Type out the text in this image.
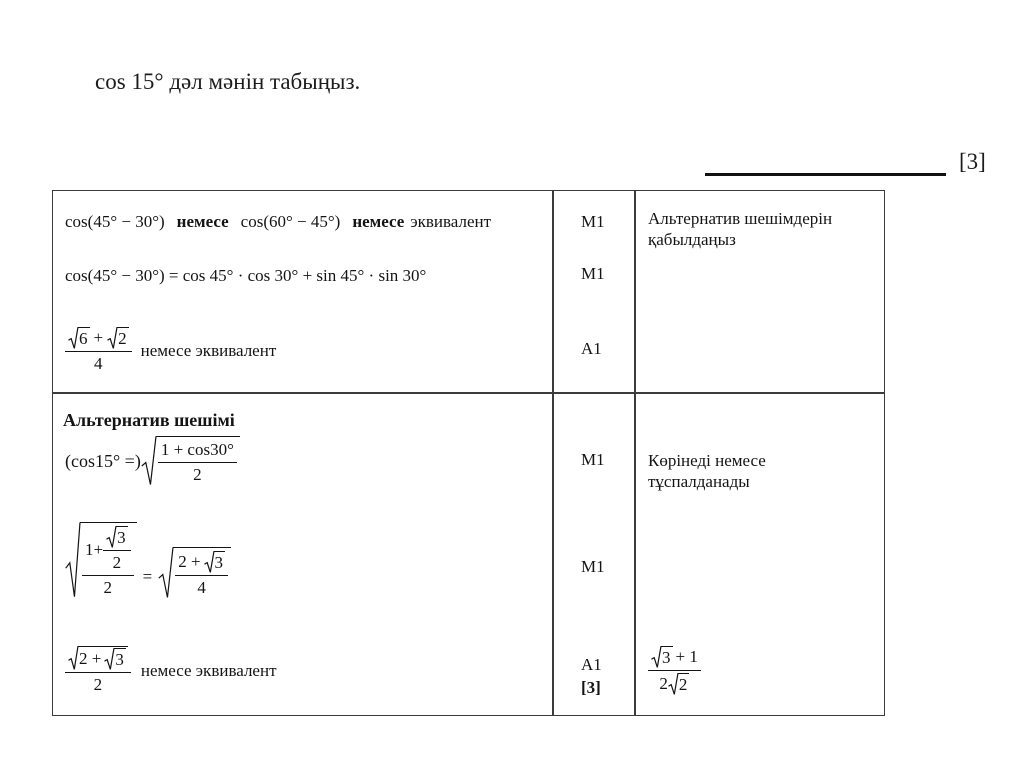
cos 15° дәл мәнін табыңыз.
[3]
cos(45° − 30°) немесе cos(60° − 45°) немесе эквивалент
cos(45° − 30°) = cos 45° · cos 30° + sin 45° · sin 30°
$\frac{6 + 2}{4}$ немесе эквивалент
M1
M1
A1
Альтернатив шешімдерін қабылдаңыз
Альтернатив шешімі
(cos15° =) $\frac{1 + \cos 30^\circ}{2}$
$1+ \frac{3}{2}$
2
= $\frac{2 + 3}{4}$
$\frac{2 + 3}{2}$ немесе эквивалент
M1
M1
A1
[3]
Көрінеді немесе тұспалданады
$\frac{3 + 1}{2 2}$
